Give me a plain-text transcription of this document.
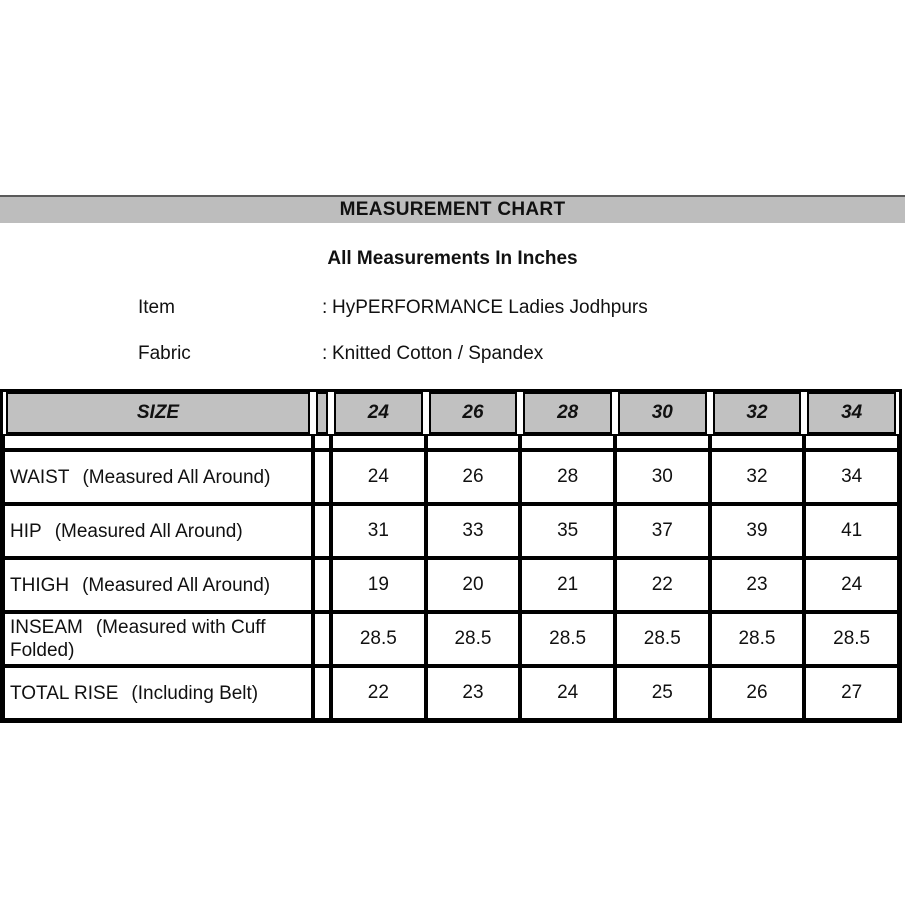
MEASUREMENT CHART
All Measurements In Inches
Item	: HyPERFORMANCE Ladies Jodhpurs
Fabric	: Knitted Cotton / Spandex
SIZE		24	26	28	30	32	34

WAIST (Measured All Around)		24	26	28	30	32	34
HIP (Measured All Around)		31	33	35	37	39	41
THIGH (Measured All Around)		19	20	21	22	23	24
INSEAM (Measured with Cuff Folded)		28.5	28.5	28.5	28.5	28.5	28.5
TOTAL RISE (Including Belt)		22	23	24	25	26	27
